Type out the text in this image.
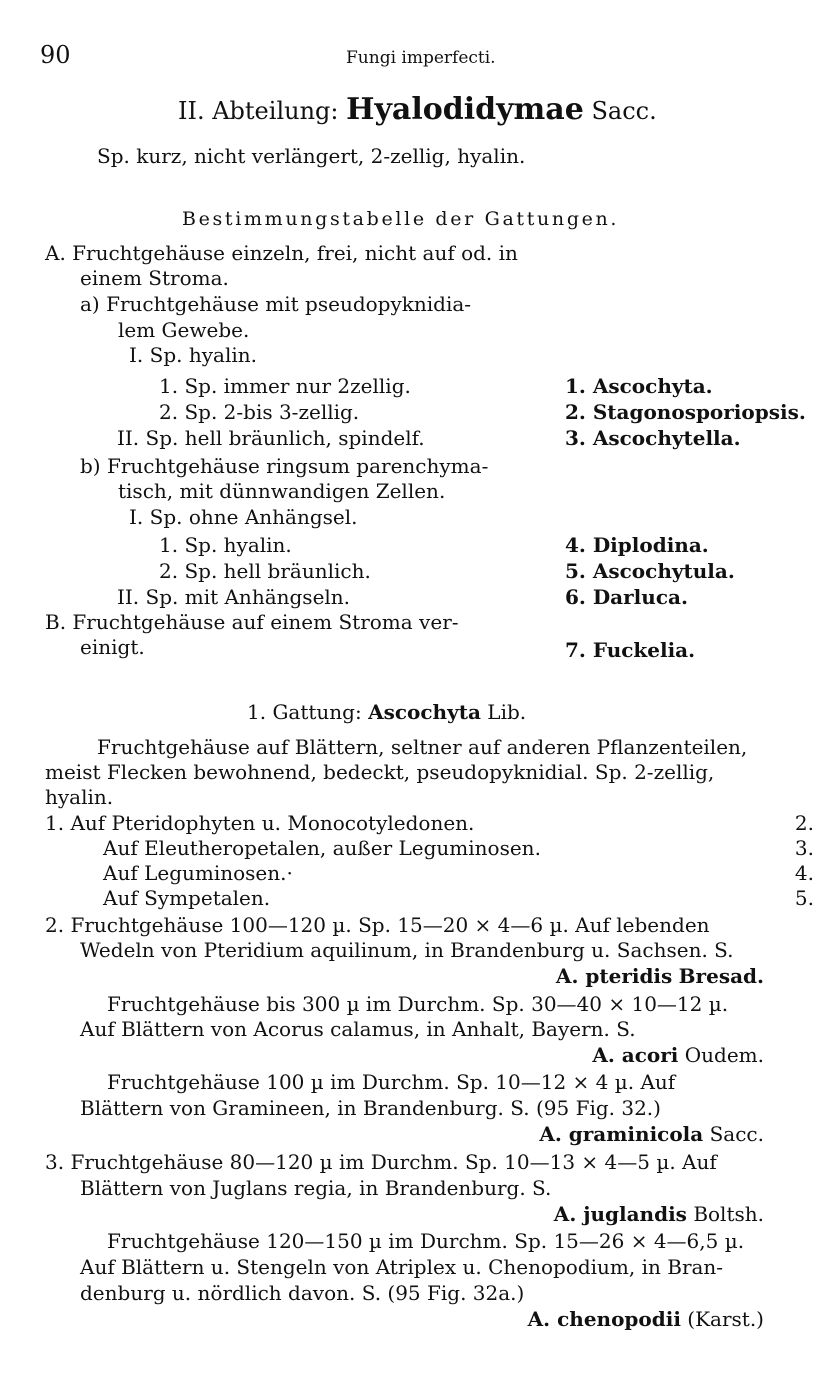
90	Fungi imperfecti.
II. Abteilung: Hyalodidymae Sacc.
Sp. kurz, nicht verlängert, 2-zellig, hyalin.
Bestimmungstabelle der Gattungen.
A. Fruchtgehäuse einzeln, frei, nicht auf od. in
einem Stroma.
a) Fruchtgehäuse mit pseudopyknidia-
lem Gewebe.
I. Sp. hyalin.
1. Sp. immer nur 2zellig.	1. Ascochyta.
2. Sp. 2-bis 3-zellig.	2. Stagonosporiopsis.
II. Sp. hell bräunlich, spindelf.	3. Ascochytella.
b) Fruchtgehäuse ringsum parenchyma-
tisch, mit dünnwandigen Zellen.
I. Sp. ohne Anhängsel.
1. Sp. hyalin.	4. Diplodina.
2. Sp. hell bräunlich.	5. Ascochytula.
II. Sp. mit Anhängseln.	6. Darluca.
B. Fruchtgehäuse auf einem Stroma ver-
einigt.	7. Fuckelia.
1. Gattung: Ascochyta Lib.
Fruchtgehäuse auf Blättern, seltner auf anderen Pflanzenteilen,
meist Flecken bewohnend, bedeckt, pseudopyknidial. Sp. 2-zellig,
hyalin.
1. Auf Pteridophyten u. Monocotyledonen.	2.
Auf Eleutheropetalen, außer Leguminosen.	3.
Auf Leguminosen.·	4.
Auf Sympetalen.	5.
2. Fruchtgehäuse 100—120 µ. Sp. 15—20 × 4—6 µ. Auf lebenden
Wedeln von Pteridium aquilinum, in Brandenburg u. Sachsen. S.
A. pteridis Bresad.
Fruchtgehäuse bis 300 µ im Durchm. Sp. 30—40 × 10—12 µ.
Auf Blättern von Acorus calamus, in Anhalt, Bayern. S.
A. acori Oudem.
Fruchtgehäuse 100 µ im Durchm. Sp. 10—12 × 4 µ. Auf
Blättern von Gramineen, in Brandenburg. S. (95 Fig. 32.)
A. graminicola Sacc.
3. Fruchtgehäuse 80—120 µ im Durchm. Sp. 10—13 × 4—5 µ. Auf
Blättern von Juglans regia, in Brandenburg. S.
A. juglandis Boltsh.
Fruchtgehäuse 120—150 µ im Durchm. Sp. 15—26 × 4—6,5 µ.
Auf Blättern u. Stengeln von Atriplex u. Chenopodium, in Bran-
denburg u. nördlich davon. S. (95 Fig. 32a.)
A. chenopodii (Karst.)
